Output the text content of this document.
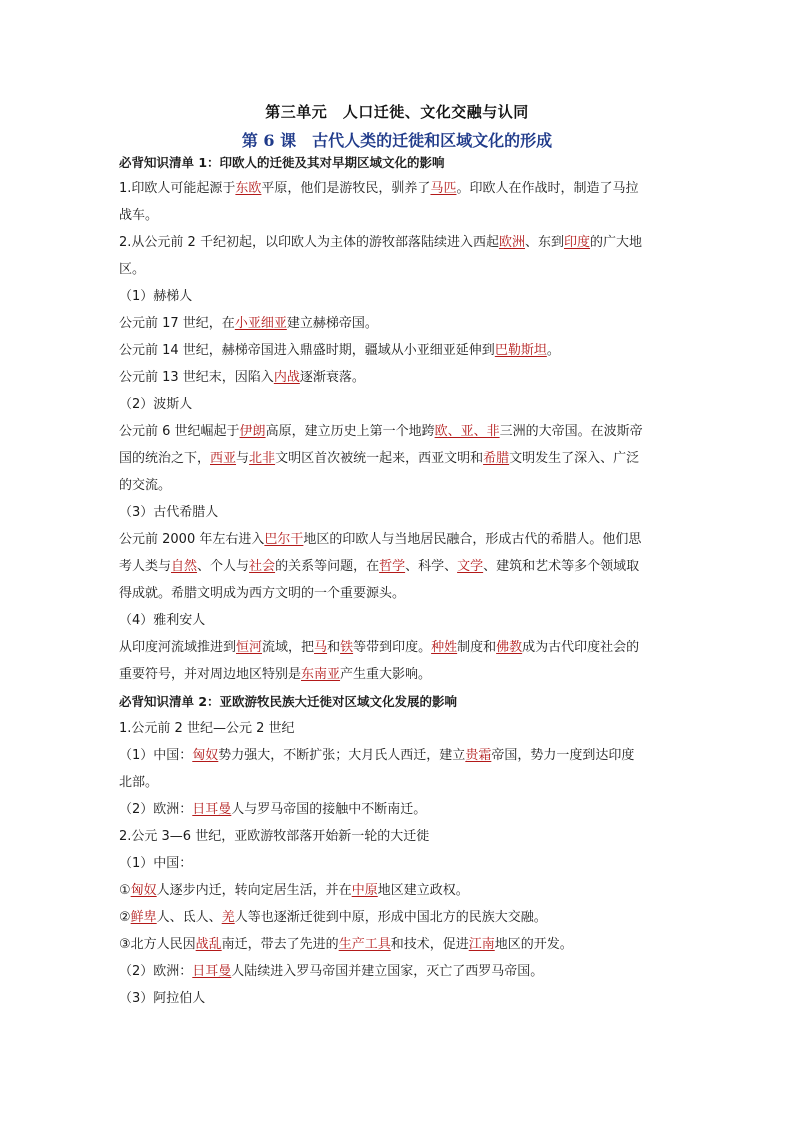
第三单元　人口迁徙、文化交融与认同
第 6 课　古代人类的迁徙和区域文化的形成
必背知识清单 1：印欧人的迁徙及其对早期区域文化的影响
1.印欧人可能起源于东欧平原，他们是游牧民，驯养了马匹。印欧人在作战时，制造了马拉
战车。
2.从公元前 2 千纪初起，以印欧人为主体的游牧部落陆续进入西起欧洲、东到印度的广大地
区。
（1）赫梯人
公元前 17 世纪，在小亚细亚建立赫梯帝国。
公元前 14 世纪，赫梯帝国进入鼎盛时期，疆域从小亚细亚延伸到巴勒斯坦。
公元前 13 世纪末，因陷入内战逐渐衰落。
（2）波斯人
公元前 6 世纪崛起于伊朗高原，建立历史上第一个地跨欧、亚、非三洲的大帝国。在波斯帝
国的统治之下，西亚与北非文明区首次被统一起来，西亚文明和希腊文明发生了深入、广泛
的交流。
（3）古代希腊人
公元前 2000 年左右进入巴尔干地区的印欧人与当地居民融合，形成古代的希腊人。他们思
考人类与自然、个人与社会的关系等问题，在哲学、科学、文学、建筑和艺术等多个领域取
得成就。希腊文明成为西方文明的一个重要源头。
（4）雅利安人
从印度河流域推进到恒河流域，把马和铁等带到印度。种姓制度和佛教成为古代印度社会的
重要符号，并对周边地区特别是东南亚产生重大影响。
必背知识清单 2：亚欧游牧民族大迁徙对区域文化发展的影响
1.公元前 2 世纪—公元 2 世纪
（1）中国：匈奴势力强大，不断扩张；大月氏人西迁，建立贵霜帝国，势力一度到达印度
北部。
（2）欧洲：日耳曼人与罗马帝国的接触中不断南迁。
2.公元 3—6 世纪，亚欧游牧部落开始新一轮的大迁徙
（1）中国：
①匈奴人逐步内迁，转向定居生活，并在中原地区建立政权。
②鲜卑人、氐人、羌人等也逐渐迁徙到中原，形成中国北方的民族大交融。
③北方人民因战乱南迁，带去了先进的生产工具和技术，促进江南地区的开发。
（2）欧洲：日耳曼人陆续进入罗马帝国并建立国家，灭亡了西罗马帝国。
（3）阿拉伯人
